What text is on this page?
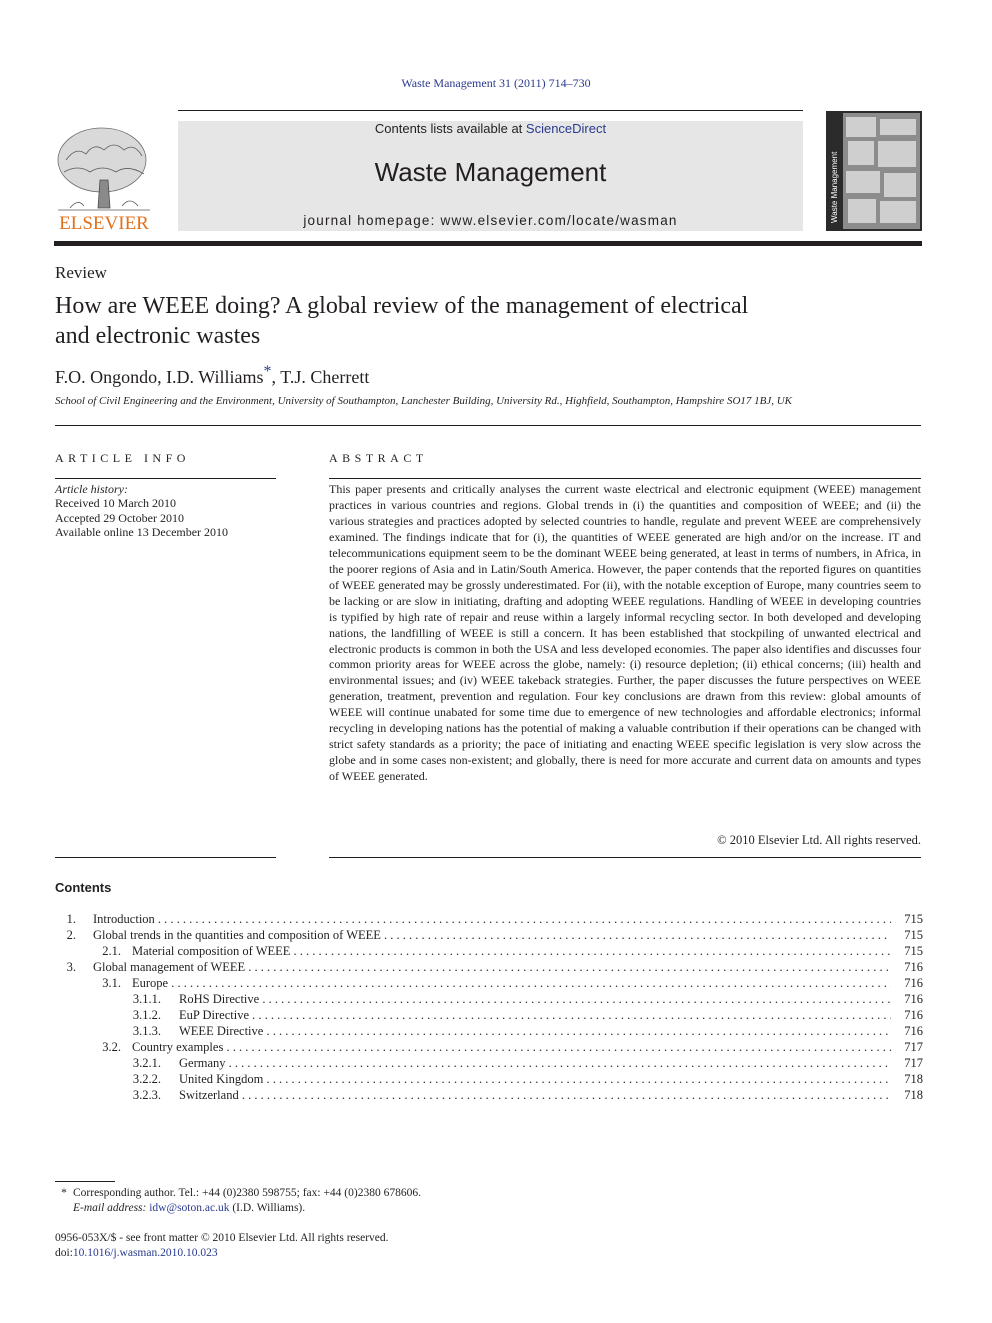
Waste Management 31 (2011) 714–730
ELSEVIER
Contents lists available at ScienceDirect
Waste Management
journal homepage: www.elsevier.com/locate/wasman	Waste Management
Review
How are WEEE doing? A global review of the management of electrical
and electronic wastes
F.O. Ongondo, I.D. Williams*, T.J. Cherrett
School of Civil Engineering and the Environment, University of Southampton, Lanchester Building, University Rd., Highfield, Southampton, Hampshire SO17 1BJ, UK
ARTICLE INFO
Article history:
Received 10 March 2010
Accepted 29 October 2010
Available online 13 December 2010
ABSTRACT
This paper presents and critically analyses the current waste electrical and electronic equipment (WEEE) management practices in various countries and regions. Global trends in (i) the quantities and composition of WEEE; and (ii) the various strategies and practices adopted by selected countries to handle, regulate and prevent WEEE are comprehensively examined. The findings indicate that for (i), the quantities of WEEE generated are high and/or on the increase. IT and telecommunications equipment seem to be the dominant WEEE being generated, at least in terms of numbers, in Africa, in the poorer regions of Asia and in Latin/South America. However, the paper contends that the reported figures on quantities of WEEE generated may be grossly underestimated. For (ii), with the notable exception of Europe, many countries seem to be lacking or are slow in initiating, drafting and adopting WEEE regulations. Handling of WEEE in developing countries is typified by high rate of repair and reuse within a largely informal recycling sector. In both developed and developing nations, the landfilling of WEEE is still a concern. It has been established that stockpiling of unwanted electrical and electronic products is common in both the USA and less developed economies. The paper also identifies and discusses four common priority areas for WEEE across the globe, namely: (i) resource depletion; (ii) ethical concerns; (iii) health and environmental issues; and (iv) WEEE takeback strategies. Further, the paper discusses the future perspectives on WEEE generation, treatment, prevention and regulation. Four key conclusions are drawn from this review: global amounts of WEEE will continue unabated for some time due to emergence of new technologies and affordable electronics; informal recycling in developing nations has the potential of making a valuable contribution if their operations can be changed with strict safety standards as a priority; the pace of initiating and enacting WEEE specific legislation is very slow across the globe and in some cases non-existent; and globally, there is need for more accurate and current data on amounts and types of WEEE generated.
© 2010 Elsevier Ltd. All rights reserved.
Contents
1. Introduction . . .	715
2. Global trends in the quantities and composition of WEEE . . .	715
2.1. Material composition of WEEE . . .	715
3. Global management of WEEE . . .	716
3.1. Europe . . .	716
3.1.1. RoHS Directive . . .	716
3.1.2. EuP Directive . . .	716
3.1.3. WEEE Directive . . .	716
3.2. Country examples . . .	717
3.2.1. Germany . . .	717
3.2.2. United Kingdom . . .	718
3.2.3. Switzerland . . .	718
* Corresponding author. Tel.: +44 (0)2380 598755; fax: +44 (0)2380 678606.
E-mail address: idw@soton.ac.uk (I.D. Williams).
0956-053X/$ - see front matter © 2010 Elsevier Ltd. All rights reserved.
doi:10.1016/j.wasman.2010.10.023
